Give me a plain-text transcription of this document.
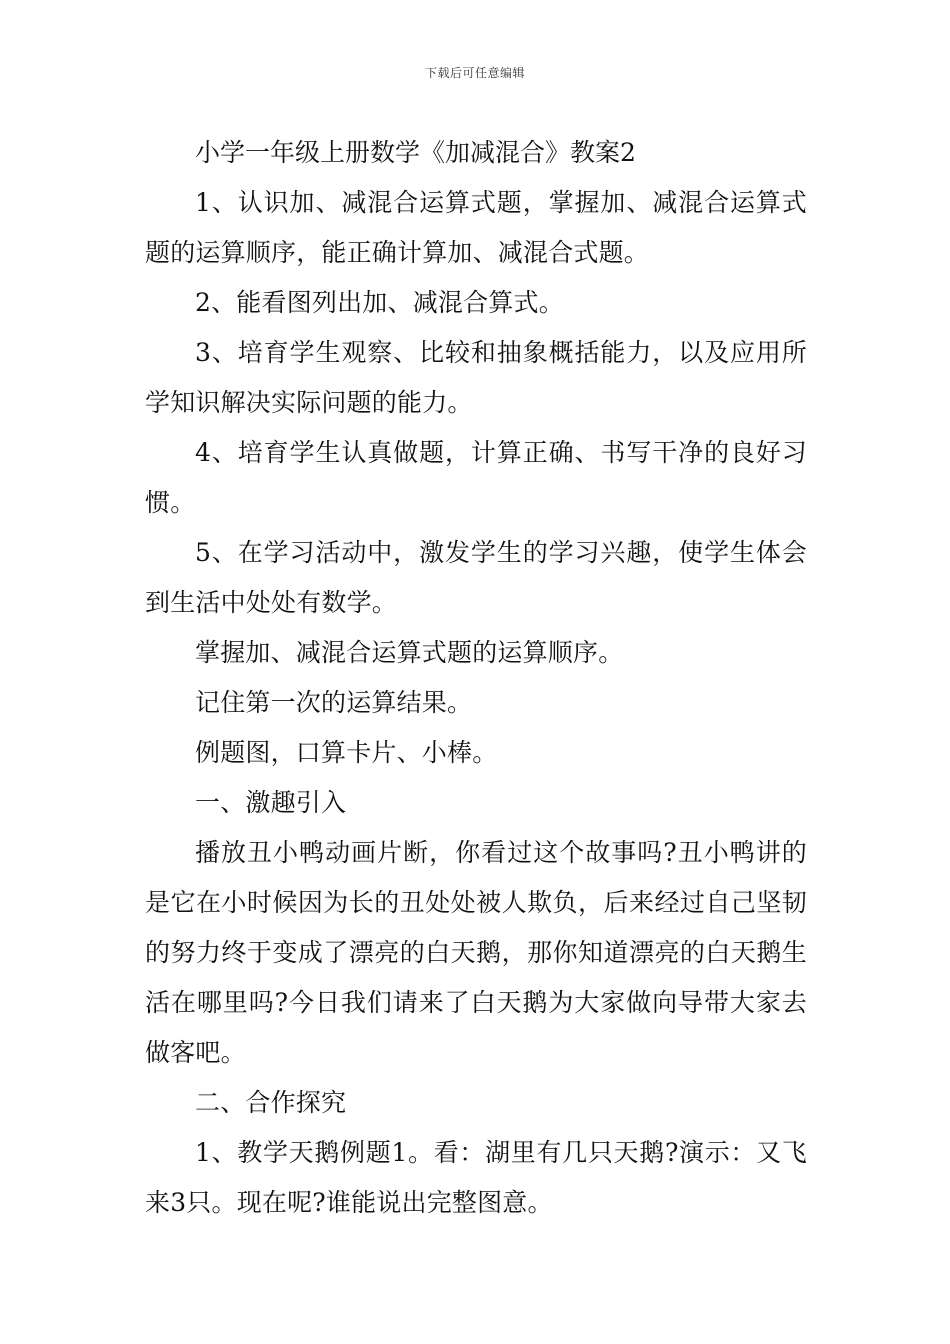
下载后可任意编辑

小学一年级上册数学《加减混合》教案2

1、认识加、减混合运算式题，掌握加、减混合运算式题的运算顺序，能正确计算加、减混合式题。

2、能看图列出加、减混合算式。

3、培育学生观察、比较和抽象概括能力，以及应用所学知识解决实际问题的能力。

4、培育学生认真做题，计算正确、书写干净的良好习惯。

5、在学习活动中，激发学生的学习兴趣，使学生体会到生活中处处有数学。

掌握加、减混合运算式题的运算顺序。

记住第一次的运算结果。

例题图，口算卡片、小棒。

一、激趣引入

播放丑小鸭动画片断，你看过这个故事吗?丑小鸭讲的是它在小时候因为长的丑处处被人欺负，后来经过自己坚韧的努力终于变成了漂亮的白天鹅，那你知道漂亮的白天鹅生活在哪里吗?今日我们请来了白天鹅为大家做向导带大家去做客吧。

二、合作探究

1、教学天鹅例题1。看：湖里有几只天鹅?演示：又飞来3只。现在呢?谁能说出完整图意。
